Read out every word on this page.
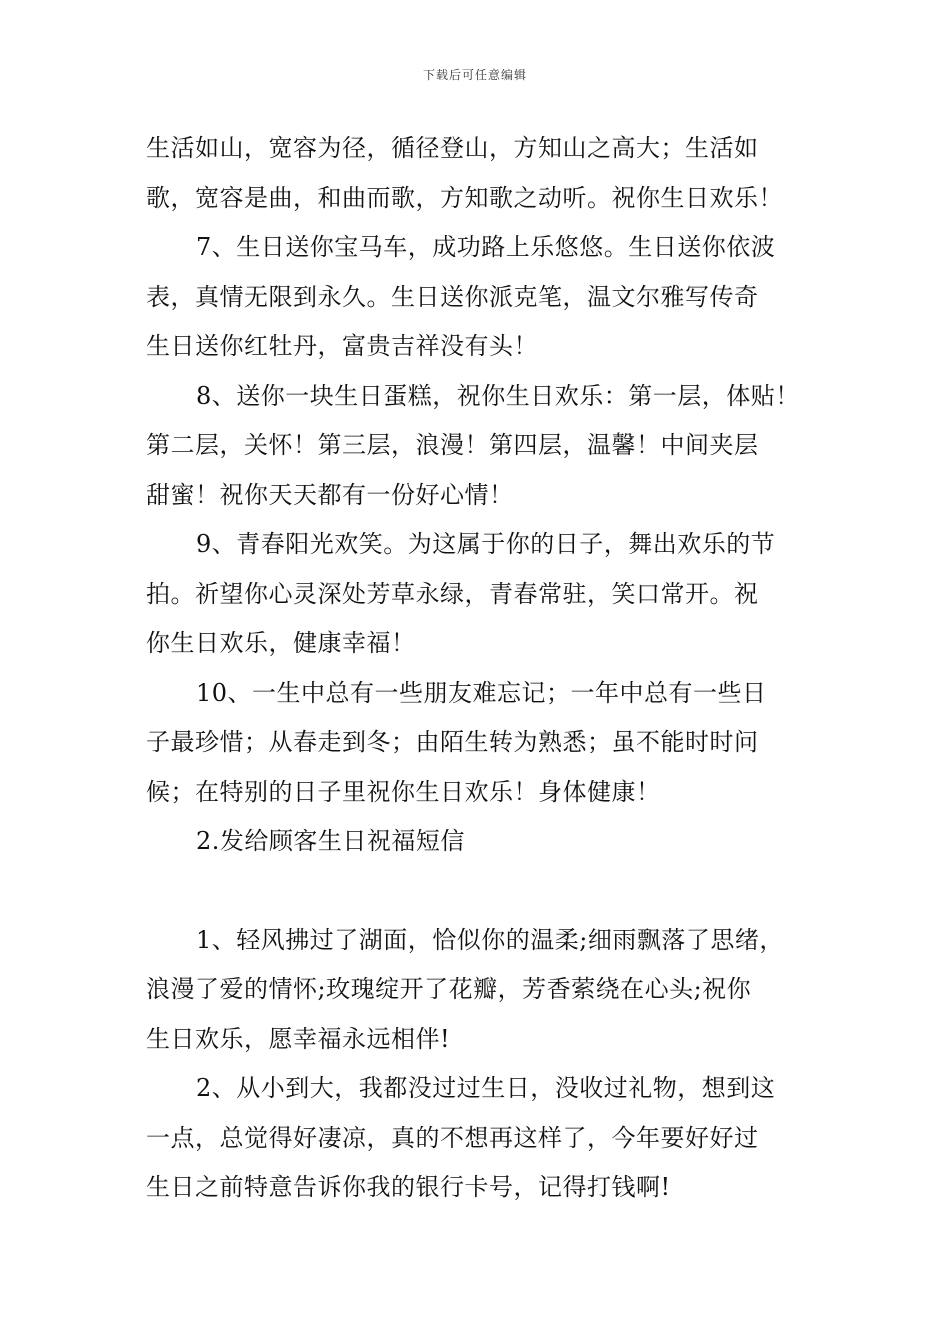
下载后可任意编辑
生活如山，宽容为径，循径登山，方知山之高大；生活如
歌，宽容是曲，和曲而歌，方知歌之动听。祝你生日欢乐！
7、生日送你宝马车，成功路上乐悠悠。生日送你依波
表，真情无限到永久。生日送你派克笔，温文尔雅写传奇
生日送你红牡丹，富贵吉祥没有头！
8、送你一块生日蛋糕，祝你生日欢乐：第一层，体贴！
第二层，关怀！第三层，浪漫！第四层，温馨！中间夹层
甜蜜！祝你天天都有一份好心情！
9、青春阳光欢笑。为这属于你的日子，舞出欢乐的节
拍。祈望你心灵深处芳草永绿，青春常驻，笑口常开。祝
你生日欢乐，健康幸福！
10、一生中总有一些朋友难忘记；一年中总有一些日
子最珍惜；从春走到冬；由陌生转为熟悉；虽不能时时问
候；在特别的日子里祝你生日欢乐！身体健康！
2.发给顾客生日祝福短信
1、轻风拂过了湖面，恰似你的温柔;细雨飘落了思绪，
浪漫了爱的情怀;玫瑰绽开了花瓣，芳香萦绕在心头;祝你
生日欢乐，愿幸福永远相伴!
2、从小到大，我都没过过生日，没收过礼物，想到这
一点，总觉得好凄凉，真的不想再这样了，今年要好好过
生日之前特意告诉你我的银行卡号，记得打钱啊!
